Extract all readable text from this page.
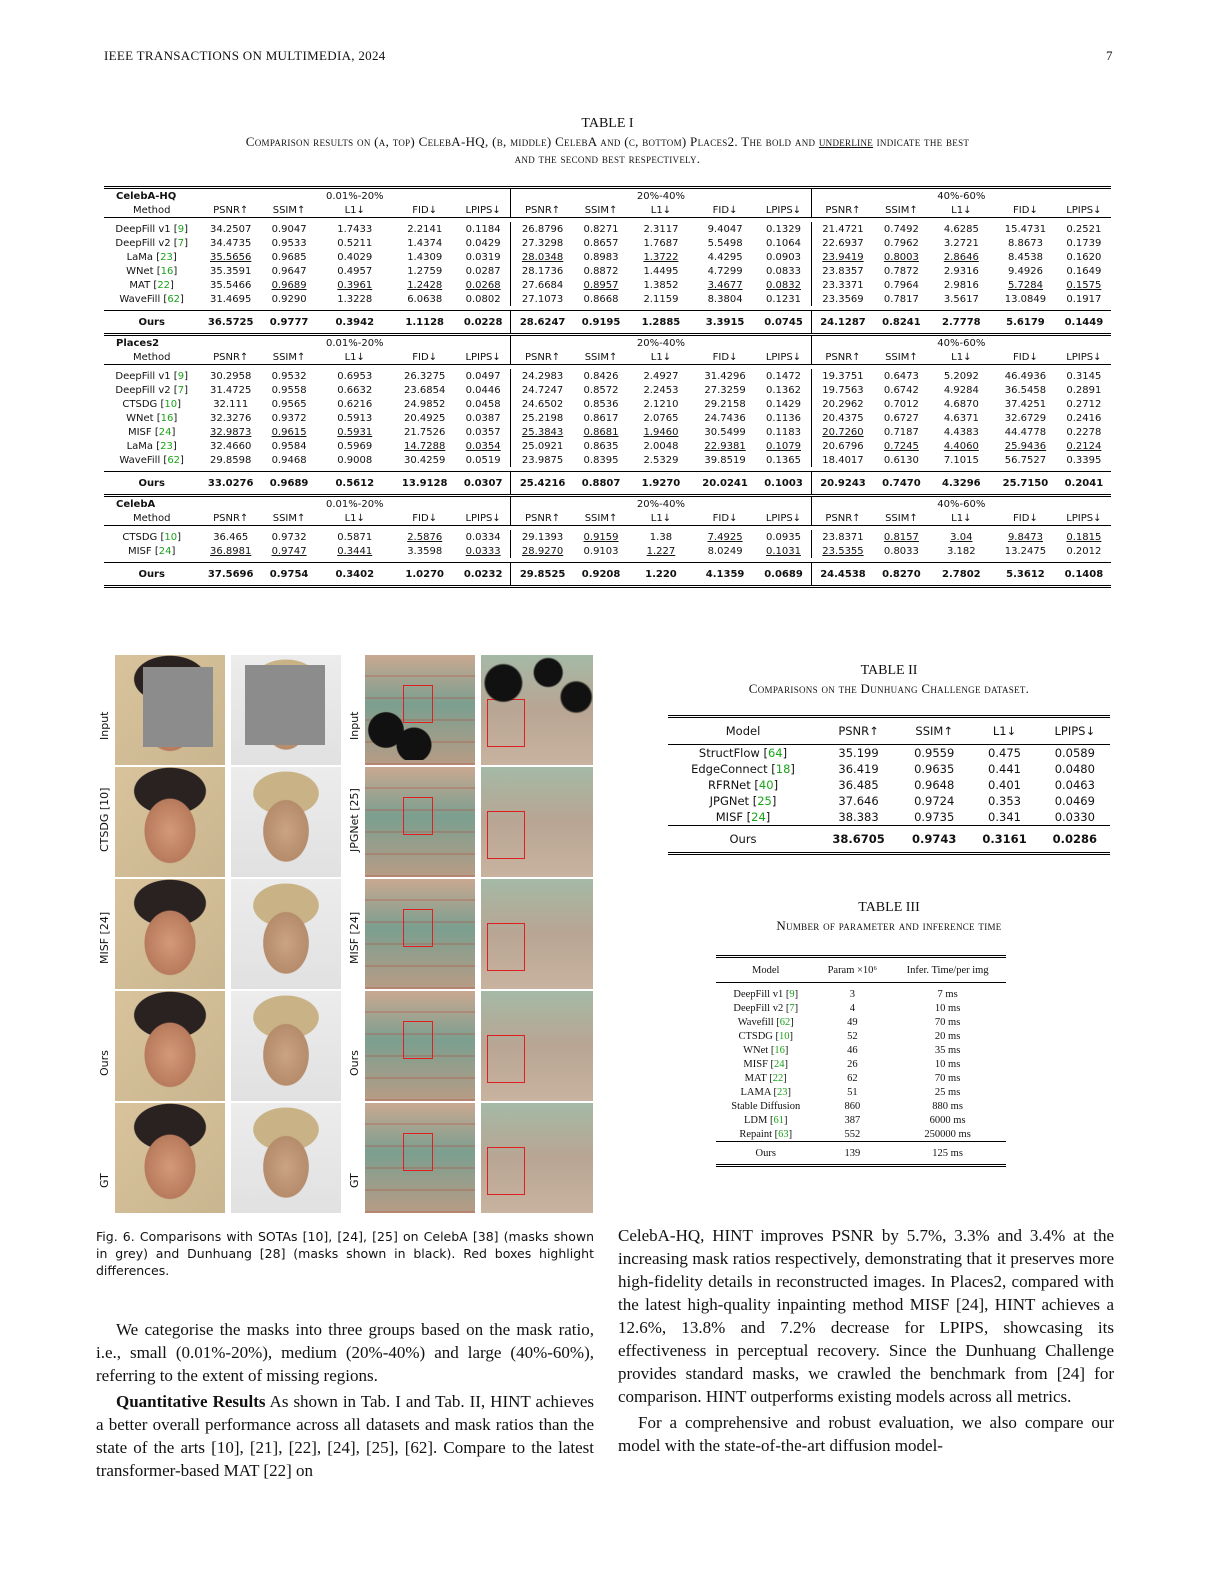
IEEE TRANSACTIONS ON MULTIMEDIA, 2024	7
TABLE I
Comparison results on (a, top) CelebA-HQ, (b, middle) CelebA and (c, bottom) Places2. The bold and underline indicate the best
and the second best respectively.
CelebA-HQ			0.01%-20%					20%-40%					40%-60%		
Method	PSNR↑	SSIM↑	L1↓	FID↓	LPIPS↓	PSNR↑	SSIM↑	L1↓	FID↓	LPIPS↓	PSNR↑	SSIM↑	L1↓	FID↓	LPIPS↓

DeepFill v1 [9]	34.2507	0.9047	1.7433	2.2141	0.1184	26.8796	0.8271	2.3117	9.4047	0.1329	21.4721	0.7492	4.6285	15.4731	0.2521
DeepFill v2 [7]	34.4735	0.9533	0.5211	1.4374	0.0429	27.3298	0.8657	1.7687	5.5498	0.1064	22.6937	0.7962	3.2721	8.8673	0.1739
LaMa [23]	35.5656	0.9685	0.4029	1.4309	0.0319	28.0348	0.8983	1.3722	4.4295	0.0903	23.9419	0.8003	2.8646	8.4538	0.1620
WNet [16]	35.3591	0.9647	0.4957	1.2759	0.0287	28.1736	0.8872	1.4495	4.7299	0.0833	23.8357	0.7872	2.9316	9.4926	0.1649
MAT [22]	35.5466	0.9689	0.3961	1.2428	0.0268	27.6684	0.8957	1.3852	3.4677	0.0832	23.3371	0.7964	2.9816	5.7284	0.1575
WaveFill [62]	31.4695	0.9290	1.3228	6.0638	0.0802	27.1073	0.8668	2.1159	8.3804	0.1231	23.3569	0.7817	3.5617	13.0849	0.1917

Ours	36.5725	0.9777	0.3942	1.1128	0.0228	28.6247	0.9195	1.2885	3.3915	0.0745	24.1287	0.8241	2.7778	5.6179	0.1449
Places2			0.01%-20%					20%-40%					40%-60%		
Method	PSNR↑	SSIM↑	L1↓	FID↓	LPIPS↓	PSNR↑	SSIM↑	L1↓	FID↓	LPIPS↓	PSNR↑	SSIM↑	L1↓	FID↓	LPIPS↓

DeepFill v1 [9]	30.2958	0.9532	0.6953	26.3275	0.0497	24.2983	0.8426	2.4927	31.4296	0.1472	19.3751	0.6473	5.2092	46.4936	0.3145
DeepFill v2 [7]	31.4725	0.9558	0.6632	23.6854	0.0446	24.7247	0.8572	2.2453	27.3259	0.1362	19.7563	0.6742	4.9284	36.5458	0.2891
CTSDG [10]	32.111	0.9565	0.6216	24.9852	0.0458	24.6502	0.8536	2.1210	29.2158	0.1429	20.2962	0.7012	4.6870	37.4251	0.2712
WNet [16]	32.3276	0.9372	0.5913	20.4925	0.0387	25.2198	0.8617	2.0765	24.7436	0.1136	20.4375	0.6727	4.6371	32.6729	0.2416
MISF [24]	32.9873	0.9615	0.5931	21.7526	0.0357	25.3843	0.8681	1.9460	30.5499	0.1183	20.7260	0.7187	4.4383	44.4778	0.2278
LaMa [23]	32.4660	0.9584	0.5969	14.7288	0.0354	25.0921	0.8635	2.0048	22.9381	0.1079	20.6796	0.7245	4.4060	25.9436	0.2124
WaveFill [62]	29.8598	0.9468	0.9008	30.4259	0.0519	23.9875	0.8395	2.5329	39.8519	0.1365	18.4017	0.6130	7.1015	56.7527	0.3395

Ours	33.0276	0.9689	0.5612	13.9128	0.0307	25.4216	0.8807	1.9270	20.0241	0.1003	20.9243	0.7470	4.3296	25.7150	0.2041
CelebA			0.01%-20%					20%-40%					40%-60%		
Method	PSNR↑	SSIM↑	L1↓	FID↓	LPIPS↓	PSNR↑	SSIM↑	L1↓	FID↓	LPIPS↓	PSNR↑	SSIM↑	L1↓	FID↓	LPIPS↓

CTSDG [10]	36.465	0.9732	0.5871	2.5876	0.0334	29.1393	0.9159	1.38	7.4925	0.0935	23.8371	0.8157	3.04	9.8473	0.1815
MISF [24]	36.8981	0.9747	0.3441	3.3598	0.0333	28.9270	0.9103	1.227	8.0249	0.1031	23.5355	0.8033	3.182	13.2475	0.2012

Ours	37.5696	0.9754	0.3402	1.0270	0.0232	29.8525	0.9208	1.220	4.1359	0.0689	24.4538	0.8270	2.7802	5.3612	0.1408
Input	Input
CTSDG [10]	JPGNet [25]
MISF [24]	MISF [24]
Ours	Ours
GT	GT
Fig. 6. Comparisons with SOTAs [10], [24], [25] on CelebA [38] (masks shown in grey) and Dunhuang [28] (masks shown in black). Red boxes highlight differences.
TABLE II
Comparisons on the Dunhuang Challenge dataset.
Model	PSNR↑	SSIM↑	L1↓	LPIPS↓
StructFlow [64]	35.199	0.9559	0.475	0.0589
EdgeConnect [18]	36.419	0.9635	0.441	0.0480
RFRNet [40]	36.485	0.9648	0.401	0.0463
JPGNet [25]	37.646	0.9724	0.353	0.0469
MISF [24]	38.383	0.9735	0.341	0.0330
Ours	38.6705	0.9743	0.3161	0.0286
TABLE III
Number of parameter and inference time
Model	Param ×10⁶	Infer. Time/per img
DeepFill v1 [9]	3	7 ms
DeepFill v2 [7]	4	10 ms
Wavefill [62]	49	70 ms
CTSDG [10]	52	20 ms
WNet [16]	46	35 ms
MISF [24]	26	10 ms
MAT [22]	62	70 ms
LAMA [23]	51	25 ms
Stable Diffusion	860	880 ms
LDM [61]	387	6000 ms
Repaint [63]	552	250000 ms
Ours	139	125 ms
We categorise the masks into three groups based on the mask ratio, i.e., small (0.01%-20%), medium (20%-40%) and large (40%-60%), referring to the extent of missing regions.
Quantitative Results As shown in Tab. I and Tab. II, HINT achieves a better overall performance across all datasets and mask ratios than the state of the arts [10], [21], [22], [24], [25], [62]. Compare to the latest transformer-based MAT [22] on
CelebA-HQ, HINT improves PSNR by 5.7%, 3.3% and 3.4% at the increasing mask ratios respectively, demonstrating that it preserves more high-fidelity details in reconstructed images. In Places2, compared with the latest high-quality inpainting method MISF [24], HINT achieves a 12.6%, 13.8% and 7.2% decrease for LPIPS, showcasing its effectiveness in perceptual recovery. Since the Dunhuang Challenge provides standard masks, we crawled the benchmark from [24] for comparison. HINT outperforms existing models across all metrics.
For a comprehensive and robust evaluation, we also compare our model with the state-of-the-art diffusion model-
